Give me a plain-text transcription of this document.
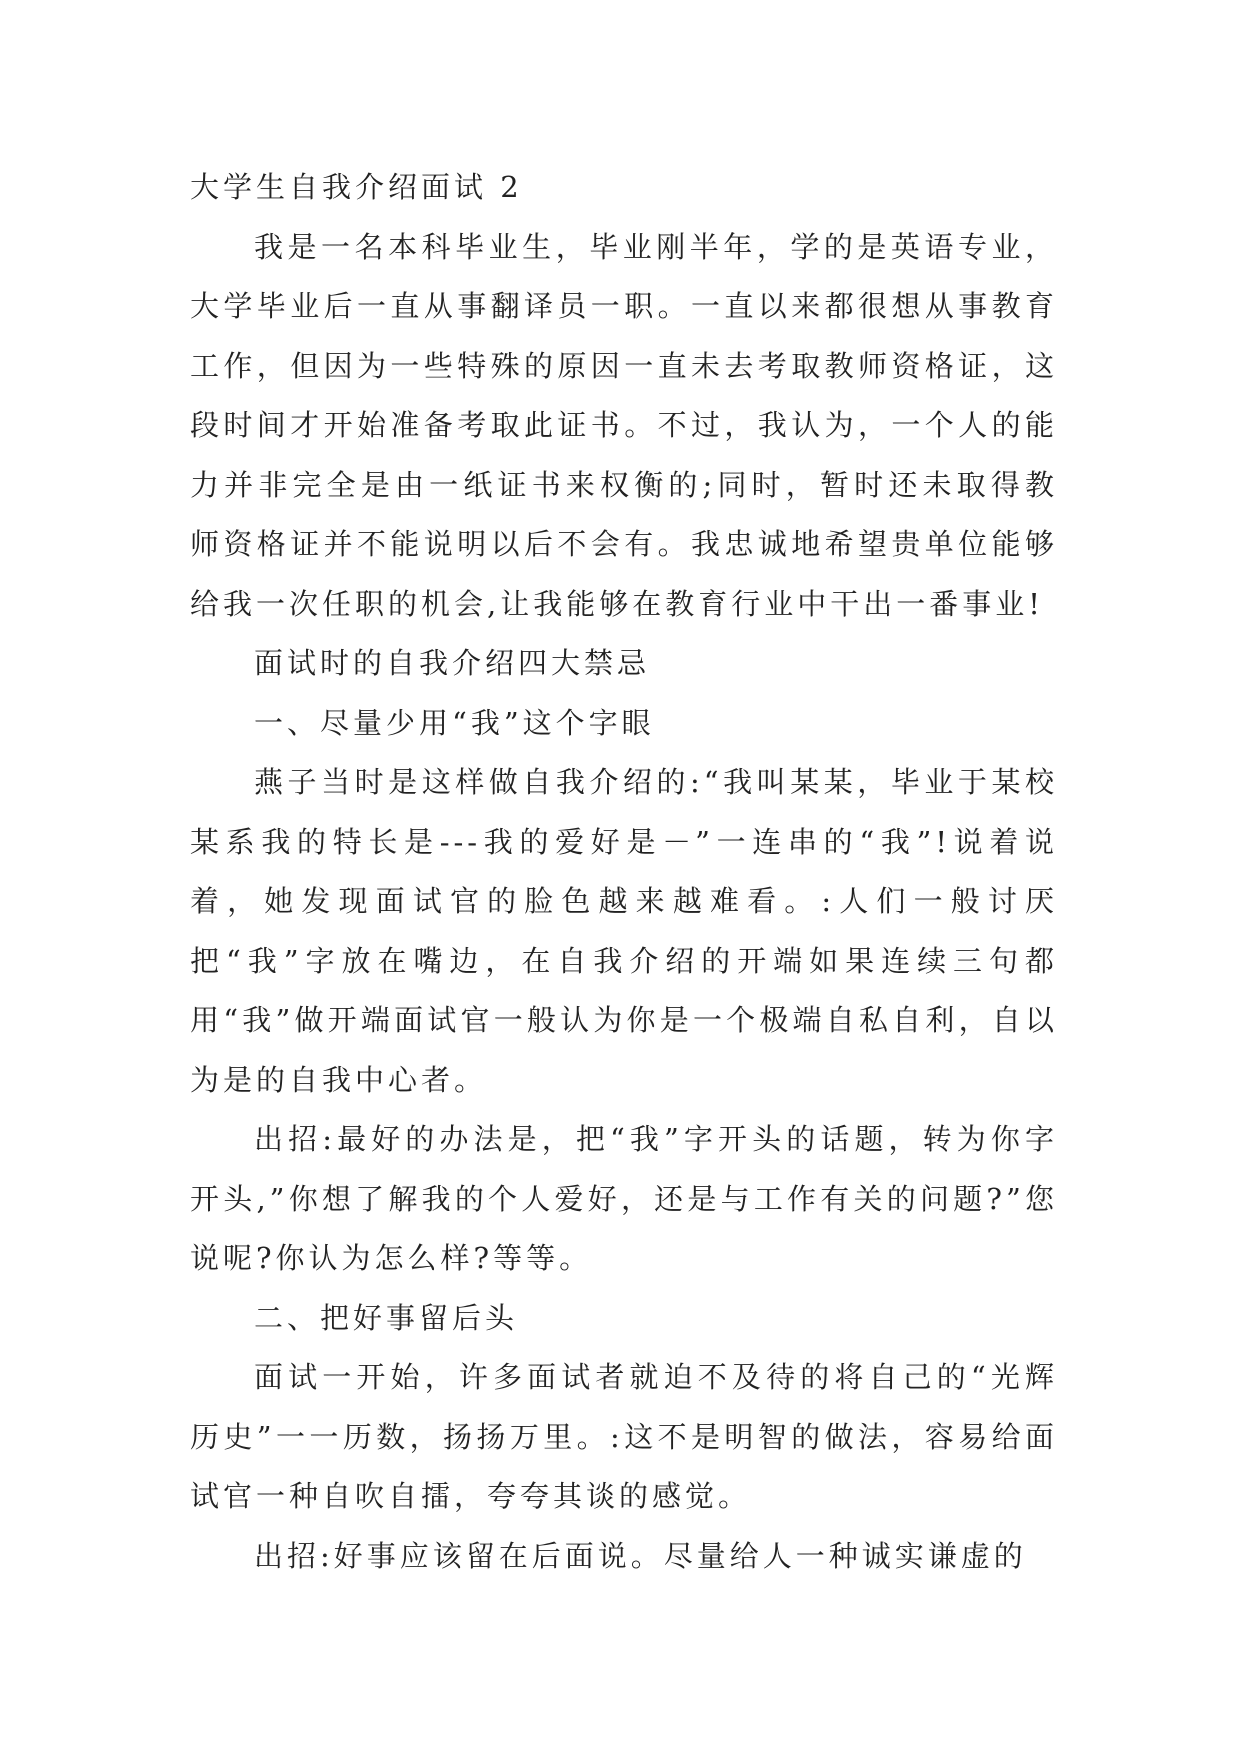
大学生自我介绍面试 2

我是一名本科毕业生，毕业刚半年，学的是英语专业，大学毕业后一直从事翻译员一职。一直以来都很想从事教育工作，但因为一些特殊的原因一直未去考取教师资格证，这段时间才开始准备考取此证书。不过，我认为，一个人的能力并非完全是由一纸证书来权衡的;同时，暂时还未取得教师资格证并不能说明以后不会有。我忠诚地希望贵单位能够给我一次任职的机会,让我能够在教育行业中干出一番事业!

面试时的自我介绍四大禁忌

一、尽量少用“我”这个字眼

燕子当时是这样做自我介绍的:“我叫某某，毕业于某校某系我的特长是---我的爱好是－”一连串的“我”!说着说着，她发现面试官的脸色越来越难看。:人们一般讨厌把“我”字放在嘴边，在自我介绍的开端如果连续三句都用“我”做开端面试官一般认为你是一个极端自私自利，自以为是的自我中心者。

出招:最好的办法是，把“我”字开头的话题，转为你字开头,”你想了解我的个人爱好，还是与工作有关的问题?”您说呢?你认为怎么样?等等。

二、把好事留后头

面试一开始，许多面试者就迫不及待的将自己的“光辉历史”一一历数，扬扬万里。:这不是明智的做法，容易给面试官一种自吹自擂，夸夸其谈的感觉。

出招:好事应该留在后面说。尽量给人一种诚实谦虚的
